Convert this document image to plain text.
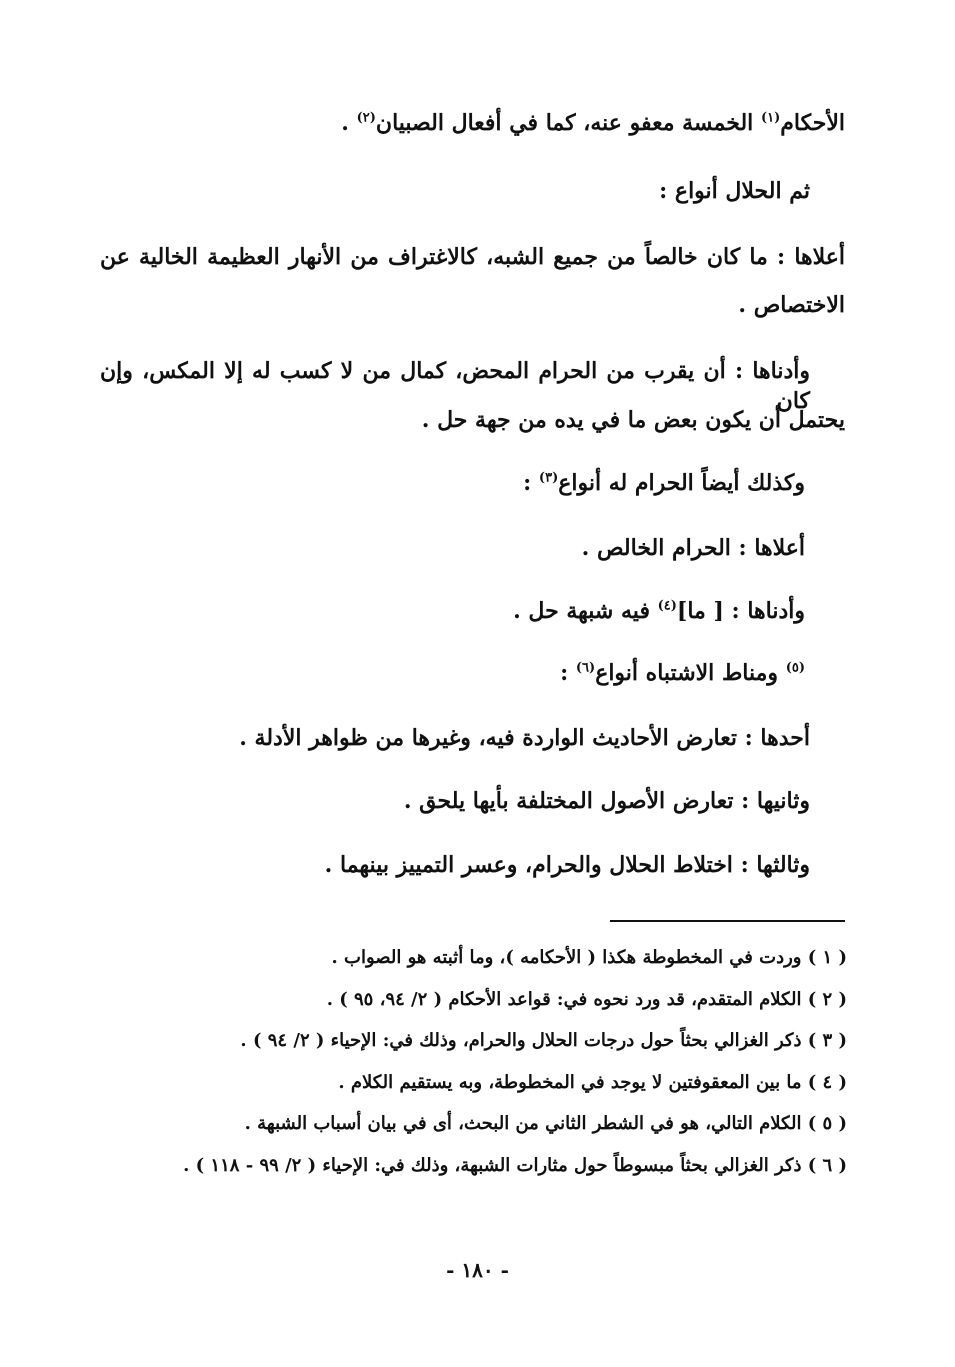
الأحكام$^{(١)}$ الخمسة معفو عنه، كما في أفعال الصبيان$^{(٢)}$ .
ثم الحلال أنواع :
أعلاها : ما كان خالصاً من جميع الشبه، كالاغتراف من الأنهار العظيمة الخالية عن
الاختصاص .
وأدناها : أن يقرب من الحرام المحض، كمال من لا كسب له إلا المكس، وإن كان
يحتمل أن يكون بعض ما في يده من جهة حل .
وكذلك أيضاً الحرام له أنواع$^{(٣)}$ :
أعلاها : الحرام الخالص .
وأدناها : [ ما]$^{(٤)}$ فيه شبهة حل .
$^{(٥)}$ ومناط الاشتباه أنواع$^{(٦)}$ :
أحدها : تعارض الأحاديث الواردة فيه، وغيرها من ظواهر الأدلة .
وثانيها : تعارض الأصول المختلفة بأيها يلحق .
وثالثها : اختلاط الحلال والحرام، وعسر التمييز بينهما .
( ١ ) وردت في المخطوطة هكذا ( الأحكامه )، وما أثبته هو الصواب .
( ٢ ) الكلام المتقدم، قد ورد نحوه في: قواعد الأحكام ( ٢/ ٩٤، ٩٥ ) .
( ٣ ) ذكر الغزالي بحثاً حول درجات الحلال والحرام، وذلك في: الإحياء ( ٢/ ٩٤ ) .
( ٤ ) ما بين المعقوفتين لا يوجد في المخطوطة، وبه يستقيم الكلام .
( ٥ ) الكلام التالي، هو في الشطر الثاني من البحث، أى في بيان أسباب الشبهة .
( ٦ ) ذكر الغزالي بحثاً مبسوطاً حول مثارات الشبهة، وذلك في: الإحياء ( ٢/ ٩٩ - ١١٨ ) .
- ١٨٠ -
